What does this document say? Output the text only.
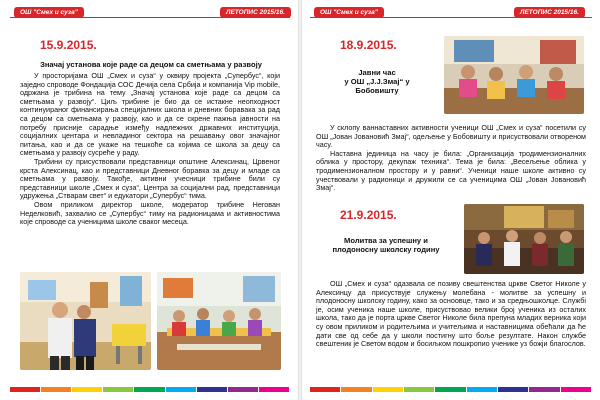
ОШ "Смех и суза"	ЛЕТОПИС 2015/16.
15.9.2015.
Значај установа које раде са децом са сметњама у развоју

У просторијама ОШ „Смех и суза“ у оквиру пројекта „Супербус“, који заједно спроводе Фондација СОС Дечија села Србија и компанија Vip mobile, одржана је трибина на тему „Значај установа које раде са децом са сметњама у развоју“. Циљ трибине је био да се истакне неопходност континуираног финансирања специјалних школа и дневних боравака за рад са децом са сметњама у развоју, као и да се скрене пажња јавности на потребу приснијe сарадње између надлежних државних институција, социјалних центара и невладиног сектора на решавању овог значајног питања, као и да се укаже на тешкоће са којима се школа за децу са сметњама у развоју сусреће у раду.

Трибини су присуствовали представници општине Алексинац, Црвеног крста Алексинац, као и представници Дневног боравка за децу и младе са сметњама у развоју. Такође, активни учесници трибине били су представници школе „Смех и суза“, Центра за социјални рад, представници удружења „Стварам свет“ и едукатори „Супербус“ тима.

Овом приликом директор школе, модератор трибине Негован Неделковић, захвалио се „Супербус“ тиму на радионицама и активностима које спроводе са ученицима школе сваког месеца.

ОШ "Смех и суза"	ЛЕТОПИС 2015/16.
18.9.2015.
Јавни час
у ОШ „Ј.Ј.Змај“ у
Бобовишту

У склопу ваннаставних активности ученици ОШ „Смех и суза“ посетили су ОШ „Јован Јовановић Змај“, одељење у Бобовишту и присуствовали отвореном часу.

Наставна јединица на часу је била: „Организација тродимензионалних облика у простору, декупаж техника“. Тема је била: „Весељење облика у тродимензионалном простору и у равни“. Ученици наше школе активно су учествовали у радионици и дружили се са ученицима ОШ „Јован Јовановић Змај“.

21.9.2015.
Молитва за успешну и
плодоносну школску годину

ОШ „Смех и суза“ одазвала се позиву свештенства цркве Светог Николе у Алексинцу да присуствује служењу молебана - молитве за успешну и плодоносну школску годину, како за осноовце, тако и за средњошколце. Службi је, осим ученика наше школе, присуствовао велики број ученика из осталих школа, тако да је порта цркве Светог Николе била препуна младих верника који су овом приликом и родитељима и учитељима и наставницима обећали да ће дати све од себе да у школи постигну што боље резултате. Након службе свештеник је Светом водом и босиљком пошкропио ученике уз божји благослов.
